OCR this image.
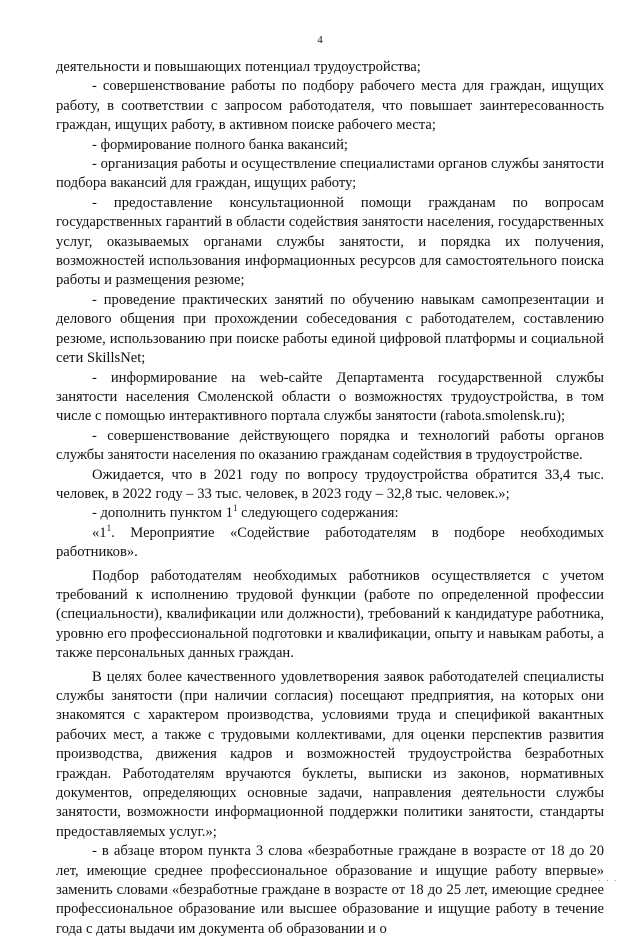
4

деятельности и повышающих потенциал трудоустройства;

- совершенствование работы по подбору рабочего места для граждан, ищущих работу, в соответствии с запросом работодателя, что повышает заинтересованность граждан, ищущих работу, в активном поиске рабочего места;

- формирование полного банка вакансий;

- организация работы и осуществление специалистами органов службы занятости подбора вакансий для граждан, ищущих работу;

- предоставление консультационной помощи гражданам по вопросам государственных гарантий в области содействия занятости населения, государственных услуг, оказываемых органами службы занятости, и порядка их получения, возможностей использования информационных ресурсов для самостоятельного поиска работы и размещения резюме;

- проведение практических занятий по обучению навыкам самопрезентации и делового общения при прохождении собеседования с работодателем, составлению резюме, использованию при поиске работы единой цифровой платформы и социальной сети SkillsNet;

- информирование на web-сайте Департамента государственной службы занятости населения Смоленской области о возможностях трудоустройства, в том числе с помощью интерактивного портала службы занятости (rabota.smolensk.ru);

- совершенствование действующего порядка и технологий работы органов службы занятости населения по оказанию гражданам содействия в трудоустройстве.

Ожидается, что в 2021 году по вопросу трудоустройства обратится 33,4 тыс. человек, в 2022 году – 33 тыс. человек, в 2023 году – 32,8 тыс. человек.»;

- дополнить пунктом $1^1$ следующего содержания:

«$1^1$. Мероприятие «Содействие работодателям в подборе необходимых работников».

Подбор работодателям необходимых работников осуществляется с учетом требований к исполнению трудовой функции (работе по определенной профессии (специальности), квалификации или должности), требований к кандидатуре работника, уровню его профессиональной подготовки и квалификации, опыту и навыкам работы, а также персональных данных граждан.

В целях более качественного удовлетворения заявок работодателей специалисты службы занятости (при наличии согласия) посещают предприятия, на которых они знакомятся с характером производства, условиями труда и спецификой вакантных рабочих мест, а также с трудовыми коллективами, для оценки перспектив развития производства, движения кадров и возможностей трудоустройства безработных граждан. Работодателям вручаются буклеты, выписки из законов, нормативных документов, определяющих основные задачи, направления деятельности службы занятости, возможности информационной поддержки политики занятости, стандарты предоставляемых услуг.»;

- в абзаце втором пункта 3 слова «безработные граждане в возрасте от 18 до 20 лет, имеющие среднее профессиональное образование и ищущие работу впервые» заменить словами «безработные граждане в возрасте от 18 до 25 лет, имеющие среднее профессиональное образование или высшее образование и ищущие работу в течение года с даты выдачи им документа об образовании и о

· · · ·
